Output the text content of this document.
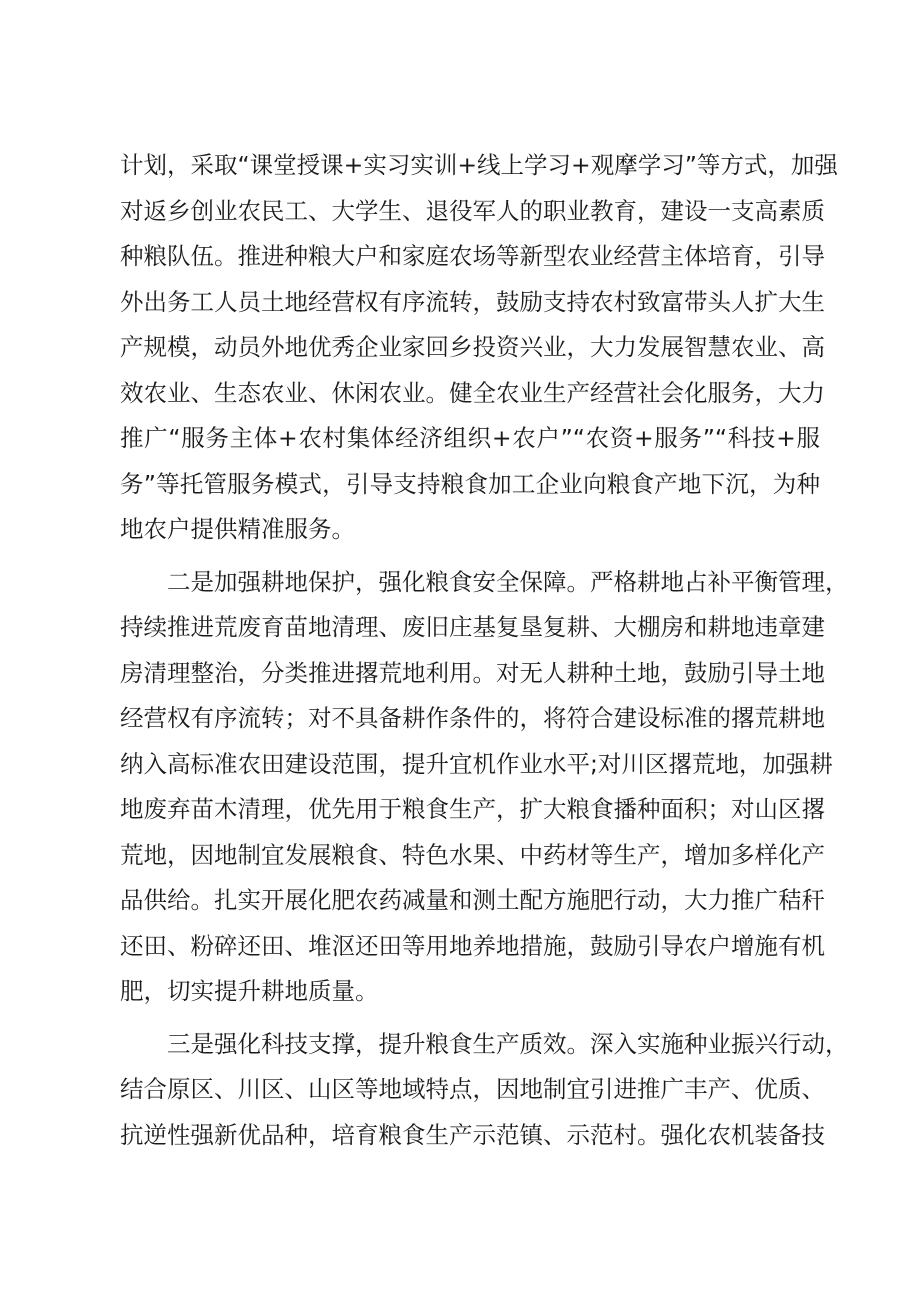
计划，采取“课堂授课+实习实训+线上学习+观摩学习”等方式，加强
对返乡创业农民工、大学生、退役军人的职业教育，建设一支高素质
种粮队伍。推进种粮大户和家庭农场等新型农业经营主体培育，引导
外出务工人员土地经营权有序流转，鼓励支持农村致富带头人扩大生
产规模，动员外地优秀企业家回乡投资兴业，大力发展智慧农业、高
效农业、生态农业、休闲农业。健全农业生产经营社会化服务，大力
推广“服务主体+农村集体经济组织+农户”“农资+服务”“科技+服
务”等托管服务模式，引导支持粮食加工企业向粮食产地下沉，为种
地农户提供精准服务。
二是加强耕地保护，强化粮食安全保障。严格耕地占补平衡管理，
持续推进荒废育苗地清理、废旧庄基复垦复耕、大棚房和耕地违章建
房清理整治，分类推进撂荒地利用。对无人耕种土地，鼓励引导土地
经营权有序流转；对不具备耕作条件的，将符合建设标准的撂荒耕地
纳入高标准农田建设范围，提升宜机作业水平;对川区撂荒地，加强耕
地废弃苗木清理，优先用于粮食生产，扩大粮食播种面积；对山区撂
荒地，因地制宜发展粮食、特色水果、中药材等生产，增加多样化产
品供给。扎实开展化肥农药减量和测土配方施肥行动，大力推广秸秆
还田、粉碎还田、堆沤还田等用地养地措施，鼓励引导农户增施有机
肥，切实提升耕地质量。
三是强化科技支撑，提升粮食生产质效。深入实施种业振兴行动，
结合原区、川区、山区等地域特点，因地制宜引进推广丰产、优质、
抗逆性强新优品种，培育粮食生产示范镇、示范村。强化农机装备技
